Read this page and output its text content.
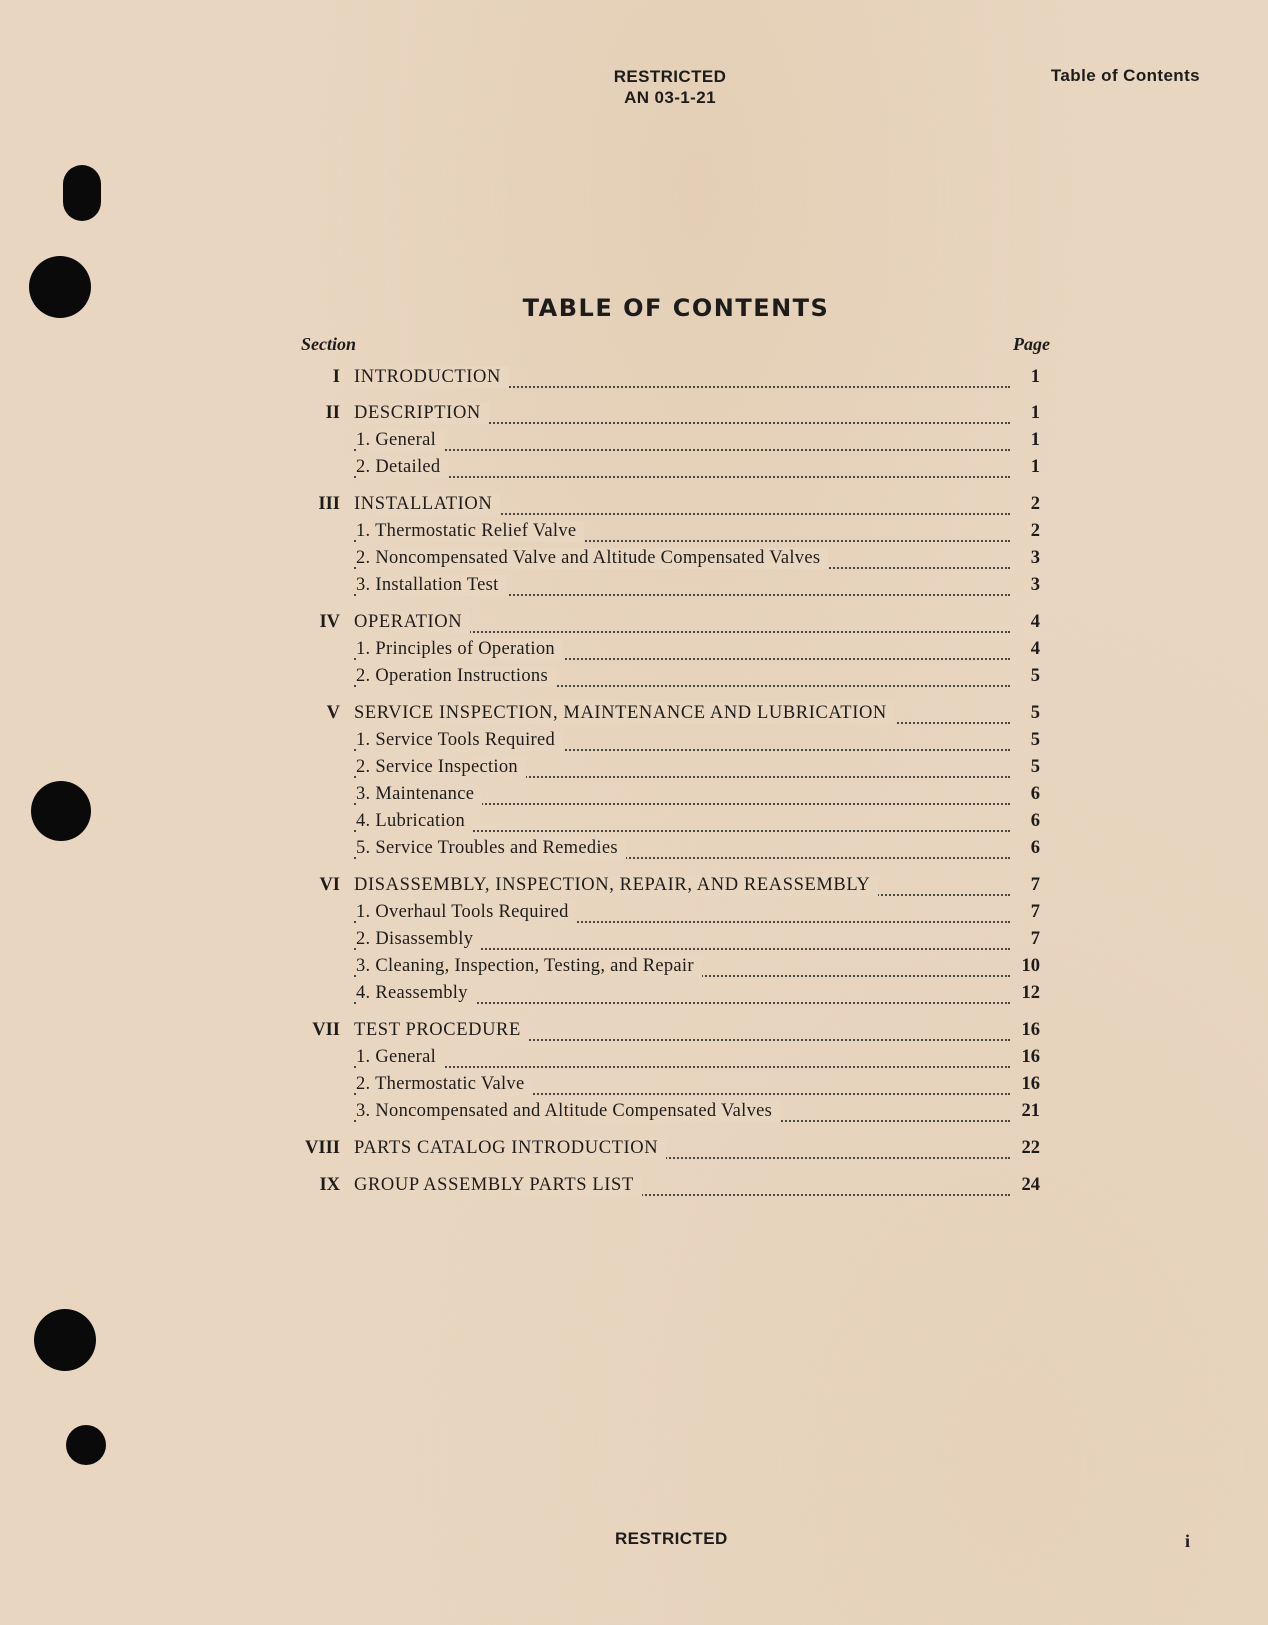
RESTRICTED
AN 03-1-21
Table of Contents
TABLE OF CONTENTS
Section	Page
I INTRODUCTION	1
II DESCRIPTION	1
1. General	1
2. Detailed	1
III INSTALLATION	2
1. Thermostatic Relief Valve	2
2. Noncompensated Valve and Altitude Compensated Valves	3
3. Installation Test	3
IV OPERATION	4
1. Principles of Operation	4
2. Operation Instructions	5
V SERVICE INSPECTION, MAINTENANCE AND LUBRICATION	5
1. Service Tools Required	5
2. Service Inspection	5
3. Maintenance	6
4. Lubrication	6
5. Service Troubles and Remedies	6
VI DISASSEMBLY, INSPECTION, REPAIR, AND REASSEMBLY	7
1. Overhaul Tools Required	7
2. Disassembly	7
3. Cleaning, Inspection, Testing, and Repair	10
4. Reassembly	12
VII TEST PROCEDURE	16
1. General	16
2. Thermostatic Valve	16
3. Noncompensated and Altitude Compensated Valves	21
VIII PARTS CATALOG INTRODUCTION	22
IX GROUP ASSEMBLY PARTS LIST	24
RESTRICTED	i
